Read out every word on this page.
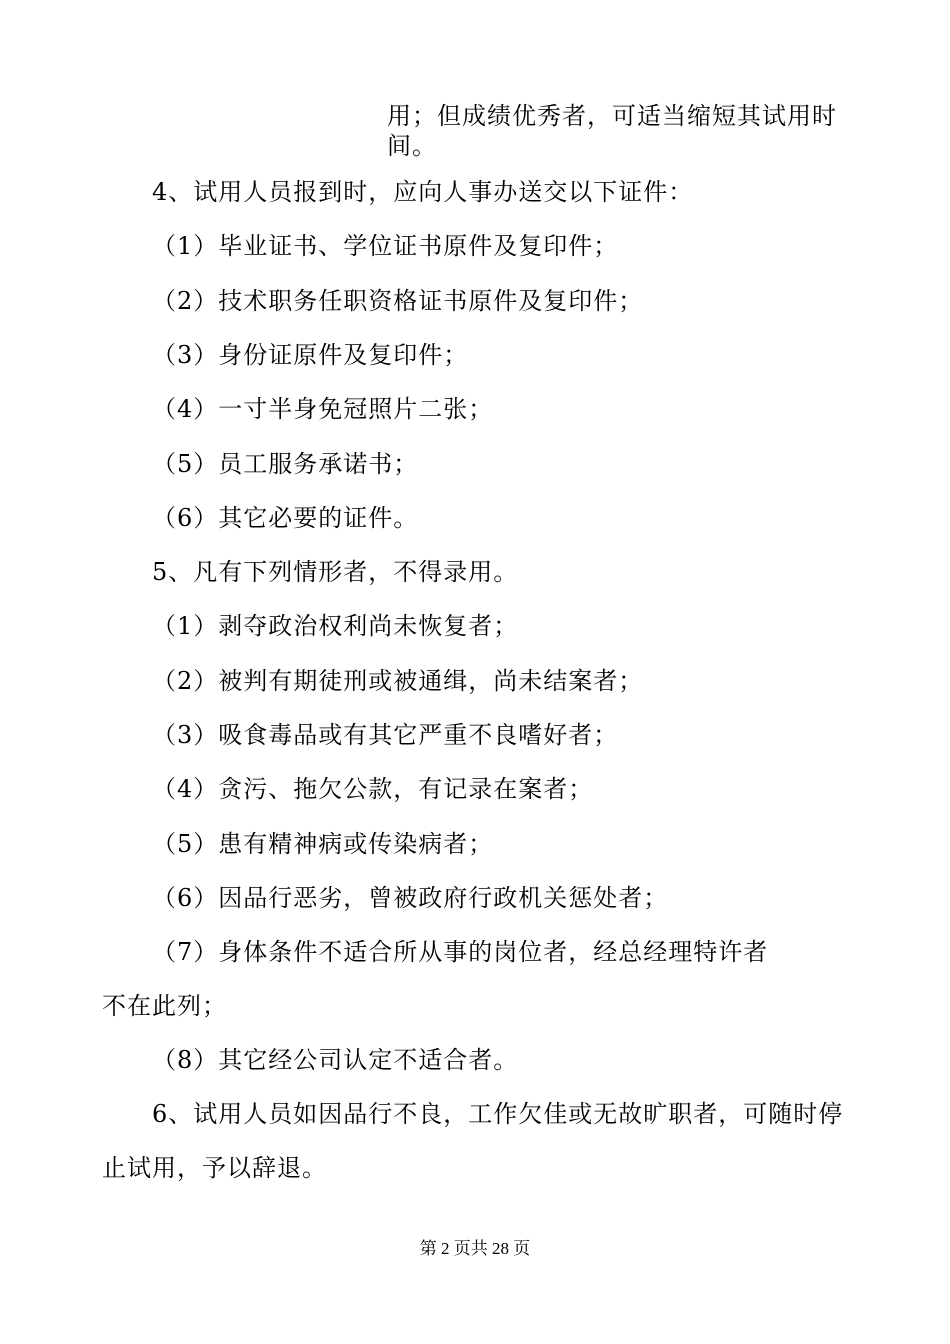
用；但成绩优秀者，可适当缩短其试用时
间。
4、试用人员报到时，应向人事办送交以下证件：
（1）毕业证书、学位证书原件及复印件；
（2）技术职务任职资格证书原件及复印件；
（3）身份证原件及复印件；
（4）一寸半身免冠照片二张；
（5）员工服务承诺书；
（6）其它必要的证件。
5、凡有下列情形者，不得录用。
（1）剥夺政治权利尚未恢复者；
（2）被判有期徒刑或被通缉，尚未结案者；
（3）吸食毒品或有其它严重不良嗜好者；
（4）贪污、拖欠公款，有记录在案者；
（5）患有精神病或传染病者；
（6）因品行恶劣，曾被政府行政机关惩处者；
（7）身体条件不适合所从事的岗位者，经总经理特许者
不在此列；
（8）其它经公司认定不适合者。
6、试用人员如因品行不良，工作欠佳或无故旷职者，可随时停
止试用，予以辞退。
第 2 页共 28 页
